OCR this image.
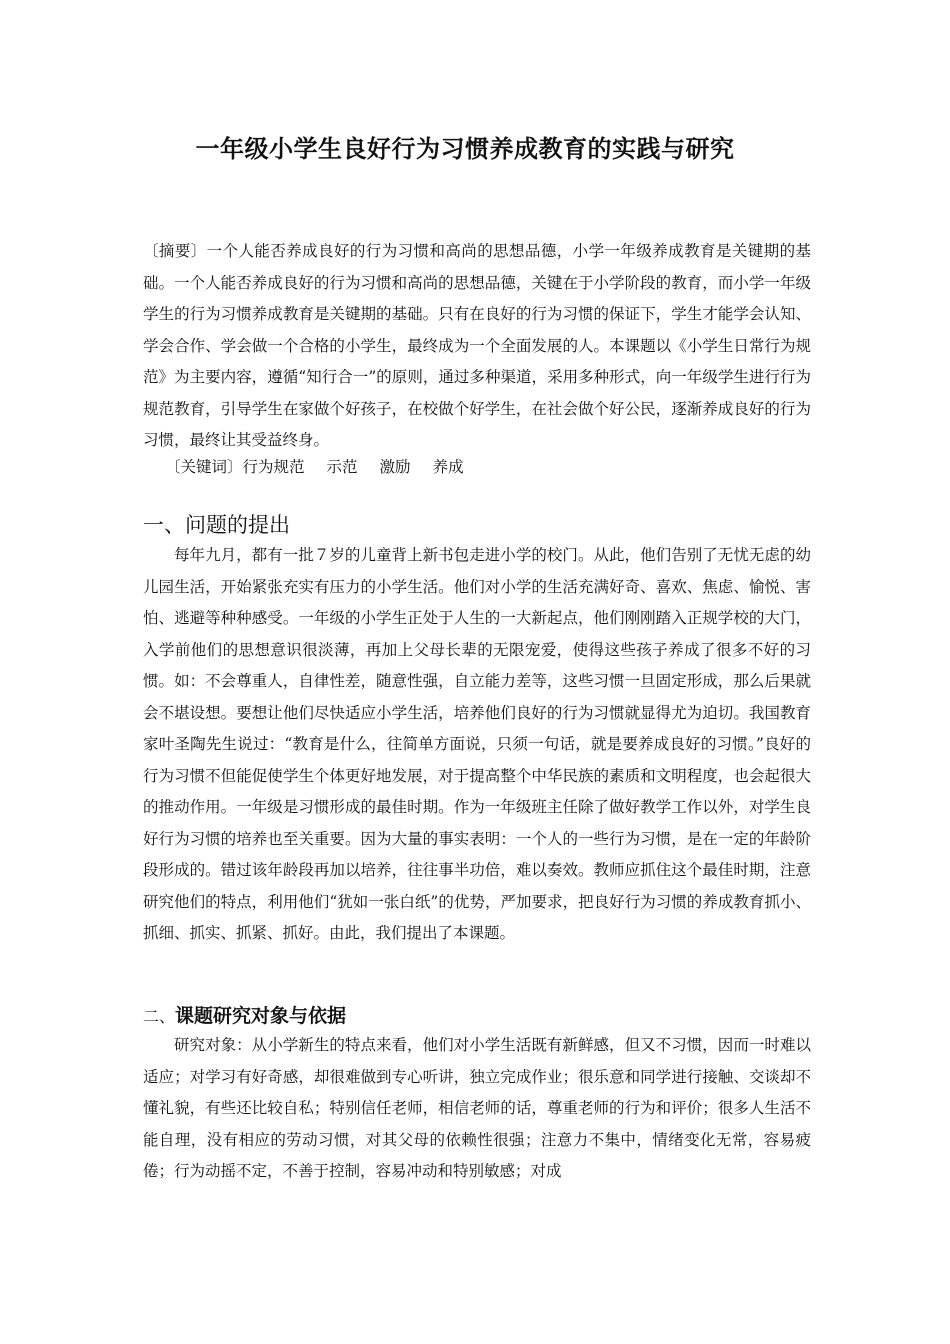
一年级小学生良好行为习惯养成教育的实践与研究

〔摘要〕一个人能否养成良好的行为习惯和高尚的思想品德，小学一年级养成教育是关键期的基础。一个人能否养成良好的行为习惯和高尚的思想品德，关键在于小学阶段的教育，而小学一年级学生的行为习惯养成教育是关键期的基础。只有在良好的行为习惯的保证下，学生才能学会认知、学会合作、学会做一个合格的小学生，最终成为一个全面发展的人。本课题以《小学生日常行为规范》为主要内容，遵循“知行合一”的原则，通过多种渠道，采用多种形式，向一年级学生进行行为规范教育，引导学生在家做个好孩子，在校做个好学生，在社会做个好公民，逐渐养成良好的行为习惯，最终让其受益终身。

〔关键词〕行为规范 示范 激励 养成
一、问题的提出

每年九月，都有一批７岁的儿童背上新书包走进小学的校门。从此，他们告别了无忧无虑的幼儿园生活，开始紧张充实有压力的小学生活。他们对小学的生活充满好奇、喜欢、焦虑、愉悦、害怕、逃避等种种感受。一年级的小学生正处于人生的一大新起点，他们刚刚踏入正规学校的大门，入学前他们的思想意识很淡薄，再加上父母长辈的无限宠爱，使得这些孩子养成了很多不好的习惯。如：不会尊重人，自律性差，随意性强，自立能力差等，这些习惯一旦固定形成，那么后果就会不堪设想。要想让他们尽快适应小学生活，培养他们良好的行为习惯就显得尤为迫切。我国教育家叶圣陶先生说过：“教育是什么，往简单方面说，只须一句话，就是要养成良好的习惯。”良好的行为习惯不但能促使学生个体更好地发展，对于提高整个中华民族的素质和文明程度，也会起很大的推动作用。一年级是习惯形成的最佳时期。作为一年级班主任除了做好教学工作以外，对学生良好行为习惯的培养也至关重要。因为大量的事实表明：一个人的一些行为习惯，是在一定的年龄阶段形成的。错过该年龄段再加以培养，往往事半功倍，难以奏效。教师应抓住这个最佳时期，注意研究他们的特点，利用他们“犹如一张白纸”的优势，严加要求，把良好行为习惯的养成教育抓小、抓细、抓实、抓紧、抓好。由此，我们提出了本课题。

二、课题研究对象与依据

研究对象：从小学新生的特点来看，他们对小学生活既有新鲜感，但又不习惯，因而一时难以适应；对学习有好奇感，却很难做到专心听讲，独立完成作业；很乐意和同学进行接触、交谈却不懂礼貌，有些还比较自私；特别信任老师，相信老师的话，尊重老师的行为和评价；很多人生活不能自理，没有相应的劳动习惯，对其父母的依赖性很强；注意力不集中，情绪变化无常，容易疲倦；行为动摇不定，不善于控制，容易冲动和特别敏感；对成
